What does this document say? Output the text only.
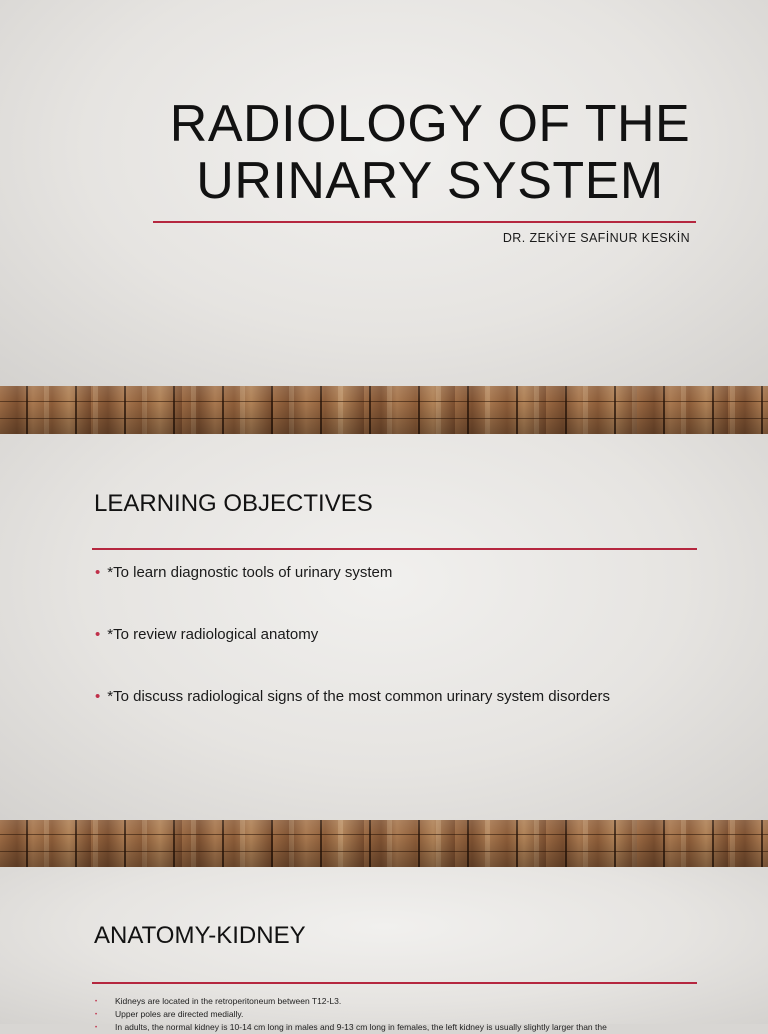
RADIOLOGY OF THE
URINARY SYSTEM
DR. ZEKİYE SAFİNUR KESKİN
LEARNING OBJECTIVES
• *To learn diagnostic tools of urinary system
• *To review radiological anatomy
• *To discuss radiological signs of the most common urinary system disorders
ANATOMY-KIDNEY
• Kidneys are located in the retroperitoneum between T12-L3.
• Upper poles are directed medially.
• In adults, the normal kidney is 10-14 cm long in males and 9-13 cm long in females, the left kidney is usually slightly larger than the
